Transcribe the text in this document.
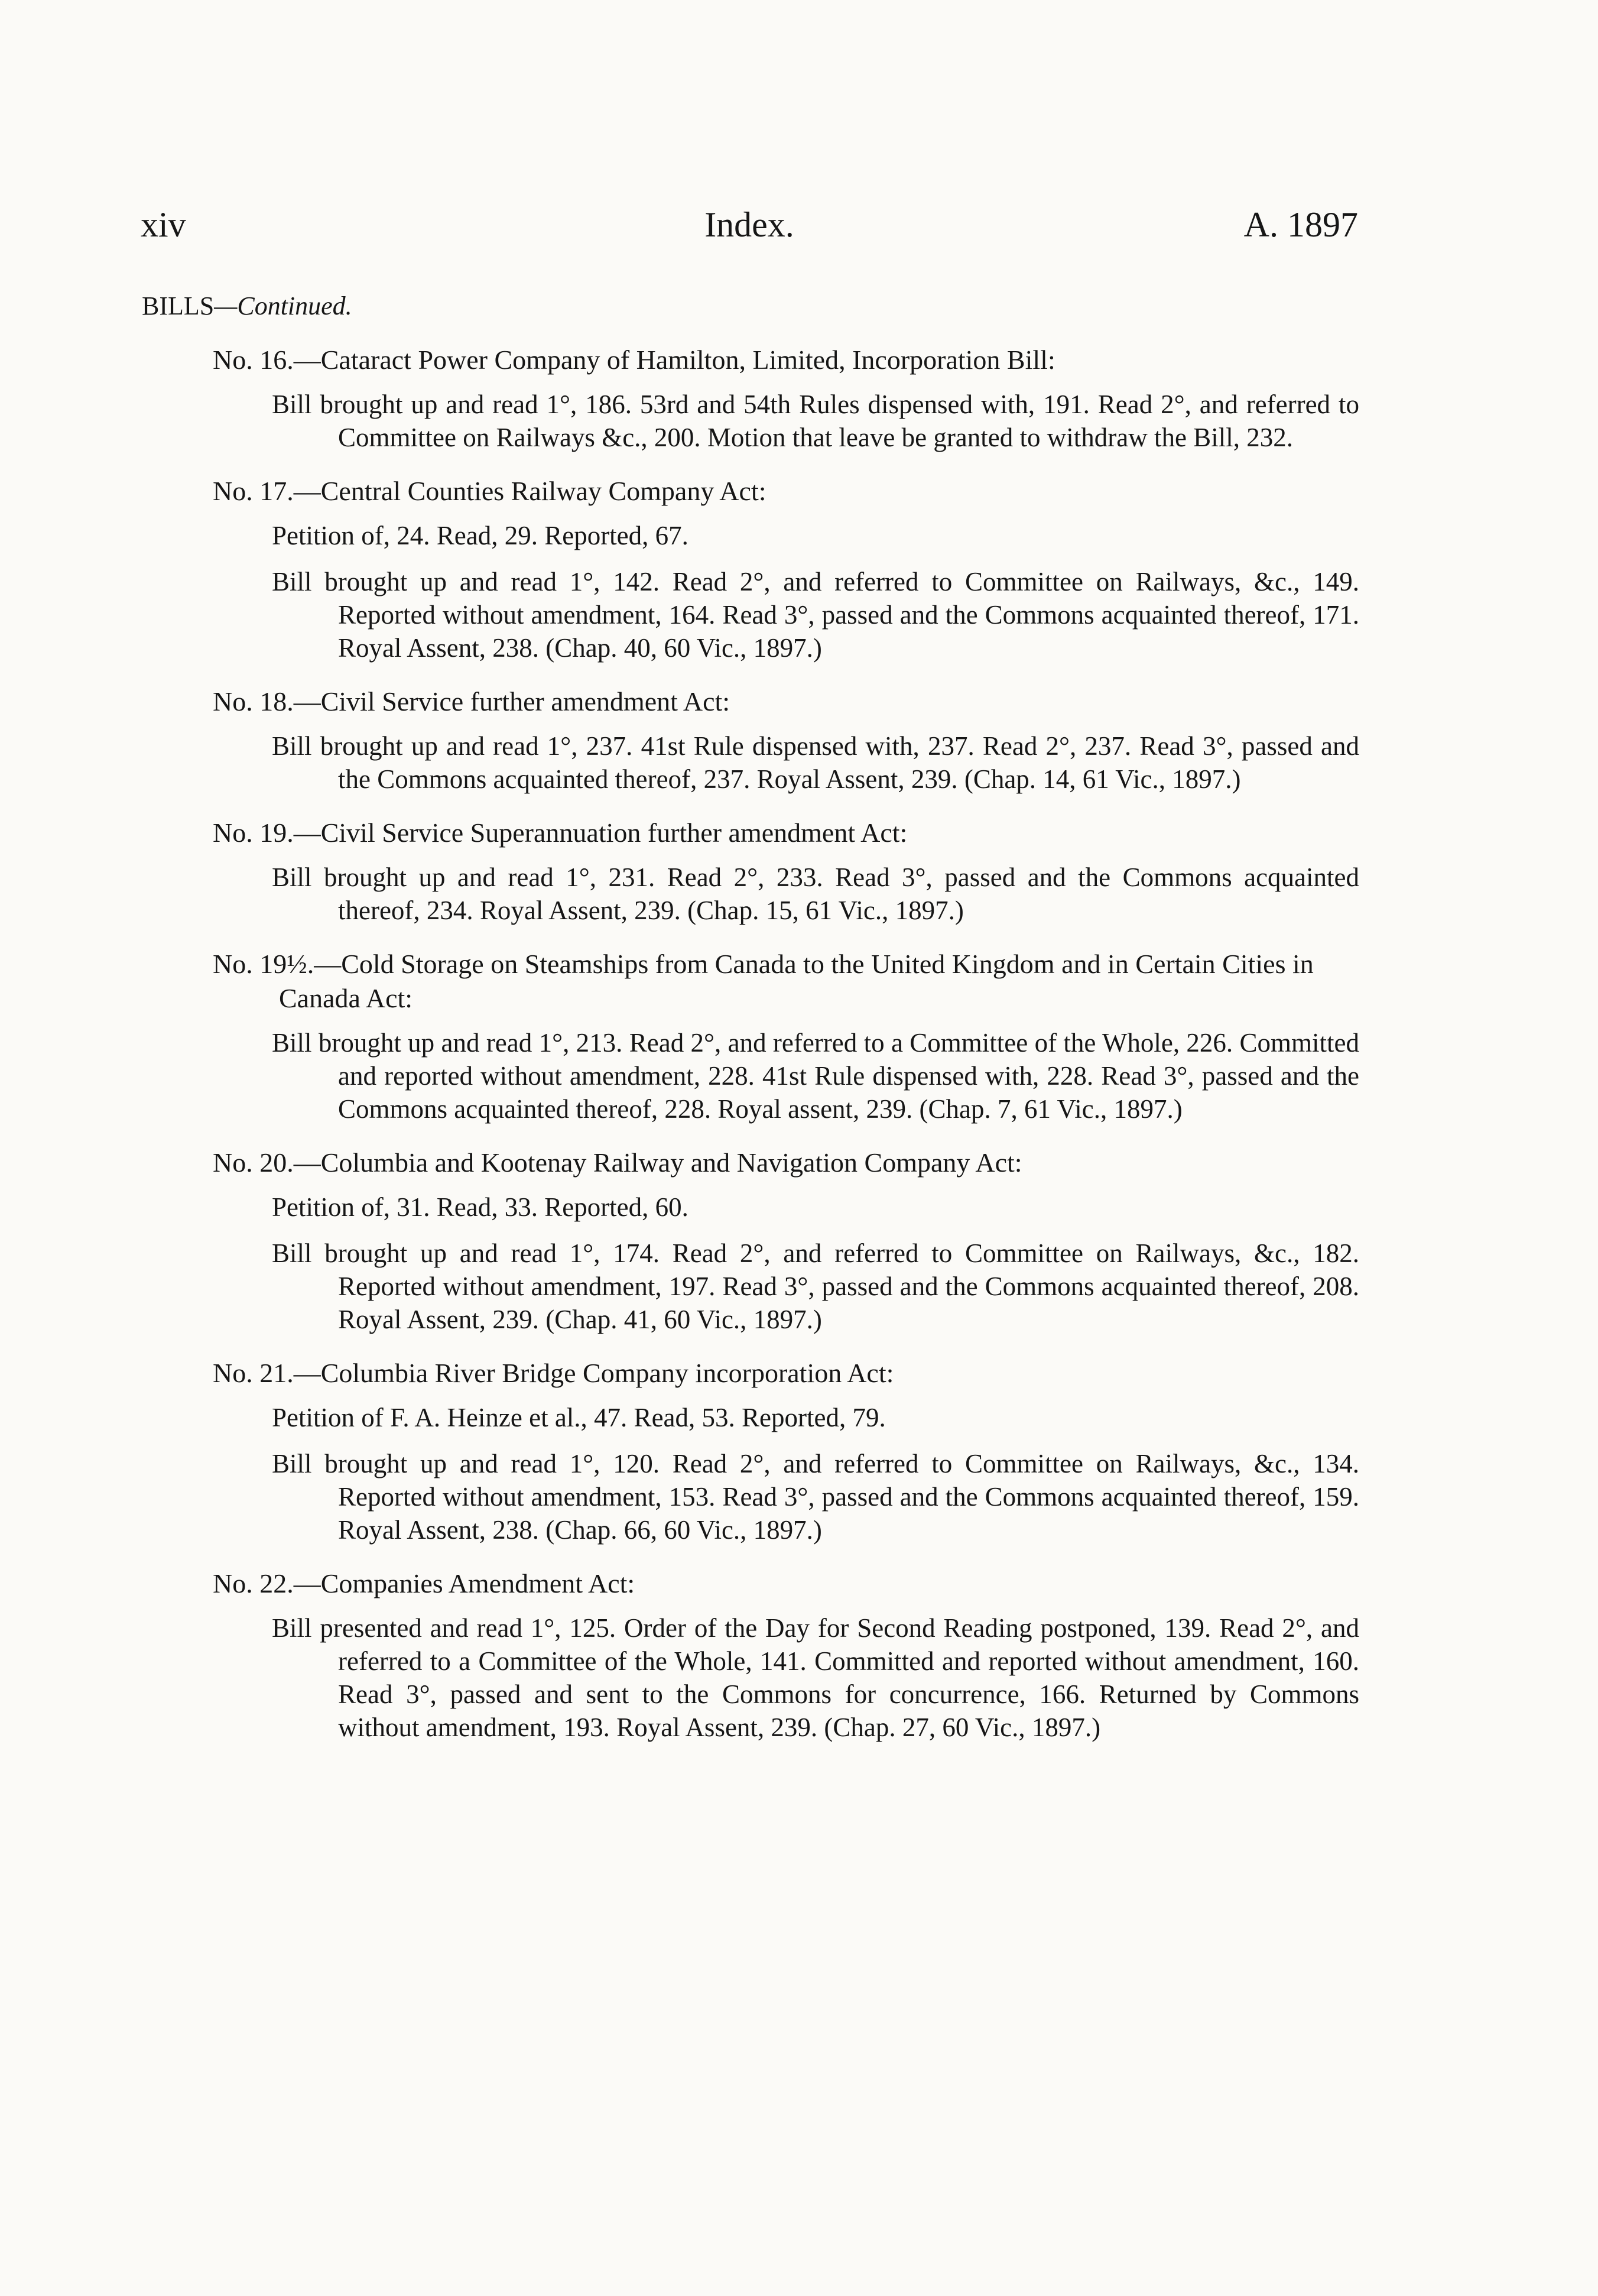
xiv	Index.	A. 1897
BILLS—Continued.
No. 16.—Cataract Power Company of Hamilton, Limited, Incorporation Bill:
Bill brought up and read 1°, 186. 53rd and 54th Rules dispensed with, 191. Read 2°, and referred to Committee on Railways &c., 200. Motion that leave be granted to withdraw the Bill, 232.
No. 17.—Central Counties Railway Company Act:
Petition of, 24. Read, 29. Reported, 67.
Bill brought up and read 1°, 142. Read 2°, and referred to Committee on Railways, &c., 149. Reported without amendment, 164. Read 3°, passed and the Commons acquainted thereof, 171. Royal Assent, 238. (Chap. 40, 60 Vic., 1897.)
No. 18.—Civil Service further amendment Act:
Bill brought up and read 1°, 237. 41st Rule dispensed with, 237. Read 2°, 237. Read 3°, passed and the Commons acquainted thereof, 237. Royal Assent, 239. (Chap. 14, 61 Vic., 1897.)
No. 19.—Civil Service Superannuation further amendment Act:
Bill brought up and read 1°, 231. Read 2°, 233. Read 3°, passed and the Commons acquainted thereof, 234. Royal Assent, 239. (Chap. 15, 61 Vic., 1897.)
No. 19½.—Cold Storage on Steamships from Canada to the United Kingdom and in Certain Cities in Canada Act:
Bill brought up and read 1°, 213. Read 2°, and referred to a Committee of the Whole, 226. Committed and reported without amendment, 228. 41st Rule dispensed with, 228. Read 3°, passed and the Commons acquainted thereof, 228. Royal assent, 239. (Chap. 7, 61 Vic., 1897.)
No. 20.—Columbia and Kootenay Railway and Navigation Company Act:
Petition of, 31. Read, 33. Reported, 60.
Bill brought up and read 1°, 174. Read 2°, and referred to Committee on Railways, &c., 182. Reported without amendment, 197. Read 3°, passed and the Commons acquainted thereof, 208. Royal Assent, 239. (Chap. 41, 60 Vic., 1897.)
No. 21.—Columbia River Bridge Company incorporation Act:
Petition of F. A. Heinze et al., 47. Read, 53. Reported, 79.
Bill brought up and read 1°, 120. Read 2°, and referred to Committee on Railways, &c., 134. Reported without amendment, 153. Read 3°, passed and the Commons acquainted thereof, 159. Royal Assent, 238. (Chap. 66, 60 Vic., 1897.)
No. 22.—Companies Amendment Act:
Bill presented and read 1°, 125. Order of the Day for Second Reading postponed, 139. Read 2°, and referred to a Committee of the Whole, 141. Committed and reported without amendment, 160. Read 3°, passed and sent to the Commons for concurrence, 166. Returned by Commons without amendment, 193. Royal Assent, 239. (Chap. 27, 60 Vic., 1897.)
